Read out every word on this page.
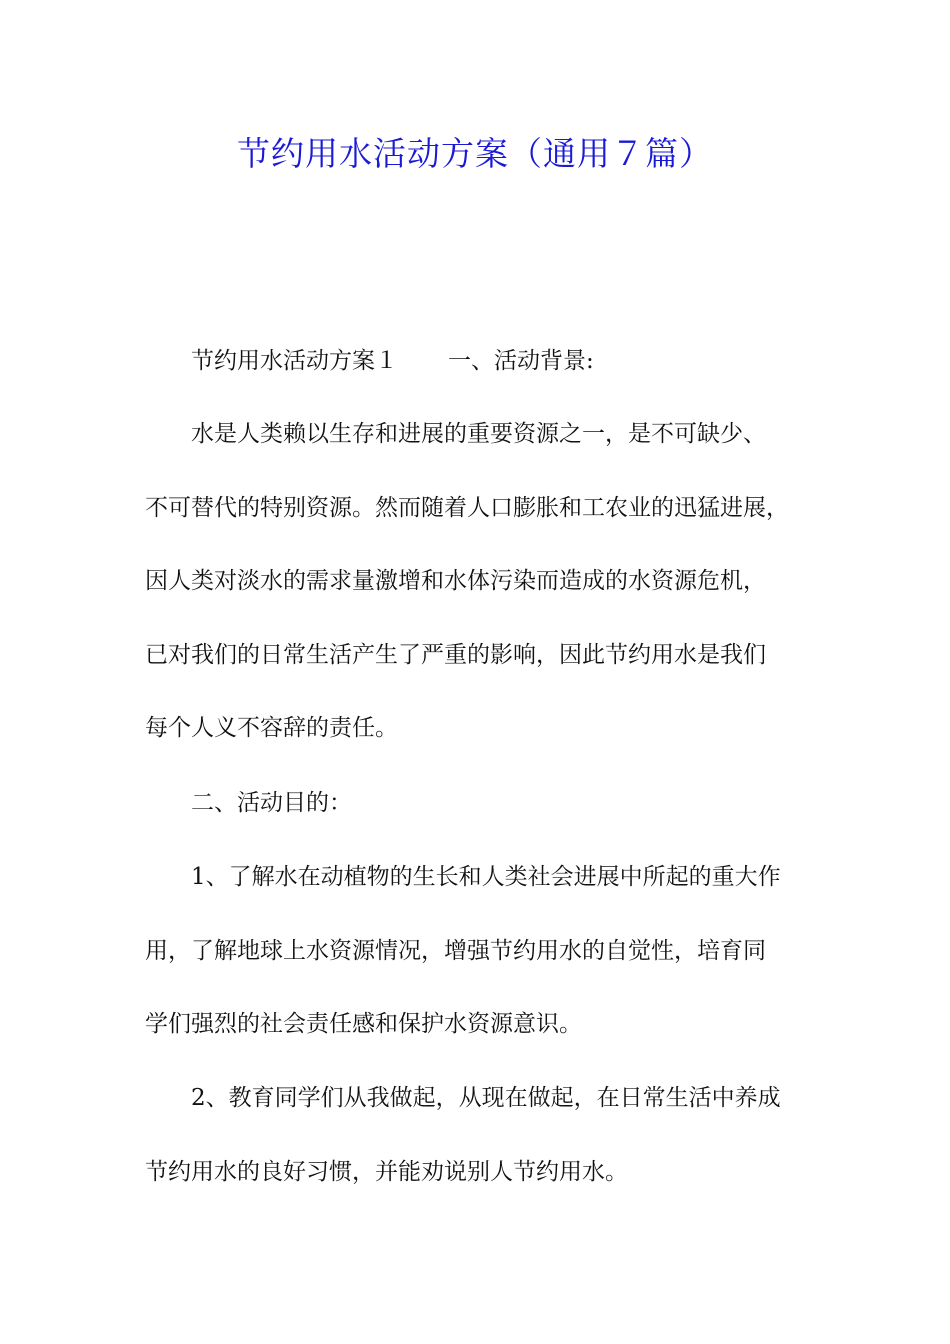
节约用水活动方案（通用７篇）

节约用水活动方案１ 一、活动背景:

水是人类赖以生存和进展的重要资源之一，是不可缺少、
不可替代的特别资源。然而随着人口膨胀和工农业的迅猛进展，
因人类对淡水的需求量激增和水体污染而造成的水资源危机，
已对我们的日常生活产生了严重的影响，因此节约用水是我们
每个人义不容辞的责任。

二、活动目的：

1、了解水在动植物的生长和人类社会进展中所起的重大作
用，了解地球上水资源情况，增强节约用水的自觉性，培育同
学们强烈的社会责任感和保护水资源意识。

2、教育同学们从我做起，从现在做起，在日常生活中养成
节约用水的良好习惯，并能劝说别人节约用水。
